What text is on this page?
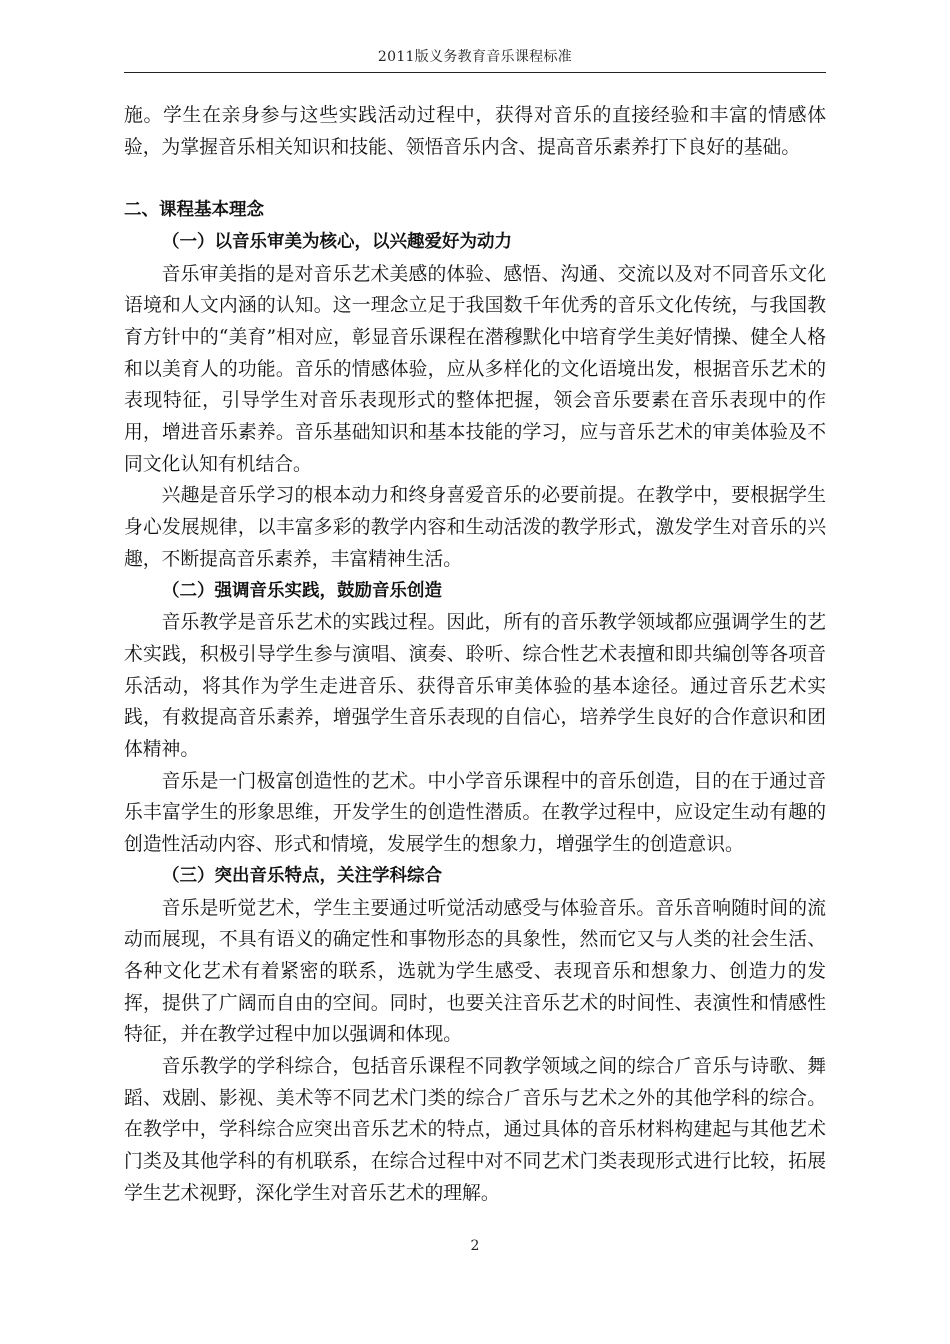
2011版义务教育音乐课程标准

施。学生在亲身参与这些实践活动过程中，获得对音乐的直接经验和丰富的情感体验，为掌握音乐相关知识和技能、领悟音乐内含、提高音乐素养打下良好的基础。

二、课程基本理念

（一）以音乐审美为核心，以兴趣爱好为动力

音乐审美指的是对音乐艺术美感的体验、感悟、沟通、交流以及对不同音乐文化语境和人文内涵的认知。这一理念立足于我国数千年优秀的音乐文化传统，与我国教育方针中的“美育”相对应，彰显音乐课程在潜穆默化中培育学生美好情操、健全人格和以美育人的功能。音乐的情感体验，应从多样化的文化语境出发，根据音乐艺术的表现特征，引导学生对音乐表现形式的整体把握，领会音乐要素在音乐表现中的作用，增进音乐素养。音乐基础知识和基本技能的学习，应与音乐艺术的审美体验及不同文化认知有机结合。

兴趣是音乐学习的根本动力和终身喜爱音乐的必要前提。在教学中，要根据学生身心发展规律，以丰富多彩的教学内容和生动活泼的教学形式，激发学生对音乐的兴趣，不断提高音乐素养，丰富精神生活。

（二）强调音乐实践，鼓励音乐创造

音乐教学是音乐艺术的实践过程。因此，所有的音乐教学领域都应强调学生的艺术实践，积极引导学生参与演唱、演奏、聆听、综合性艺术表擅和即共编创等各项音乐活动，将其作为学生走进音乐、获得音乐审美体验的基本途径。通过音乐艺术实践，有救提高音乐素养，增强学生音乐表现的自信心，培养学生良好的合作意识和团体精神。

音乐是一门极富创造性的艺术。中小学音乐课程中的音乐创造，目的在于通过音乐丰富学生的形象思维，开发学生的创造性潜质。在教学过程中，应设定生动有趣的创造性活动内容、形式和情境，发展学生的想象力，增强学生的创造意识。

（三）突出音乐特点，关注学科综合

音乐是听觉艺术，学生主要通过听觉活动感受与体验音乐。音乐音响随时间的流动而展现，不具有语义的确定性和事物形态的具象性，然而它又与人类的社会生活、各种文化艺术有着紧密的联系，选就为学生感受、表现音乐和想象力、创造力的发挥，提供了广阔而自由的空间。同时，也要关注音乐艺术的时间性、表演性和情感性特征，并在教学过程中加以强调和体现。

音乐教学的学科综合，包括音乐课程不同教学领域之间的综合⺁音乐与诗歌、舞蹈、戏剧、影视、美术等不同艺术门类的综合⺁音乐与艺术之外的其他学科的综合。在教学中，学科综合应突出音乐艺术的特点，通过具体的音乐材料构建起与其他艺术门类及其他学科的有机联系，在综合过程中对不同艺术门类表现形式进行比较，拓展学生艺术视野，深化学生对音乐艺术的理解。

2
